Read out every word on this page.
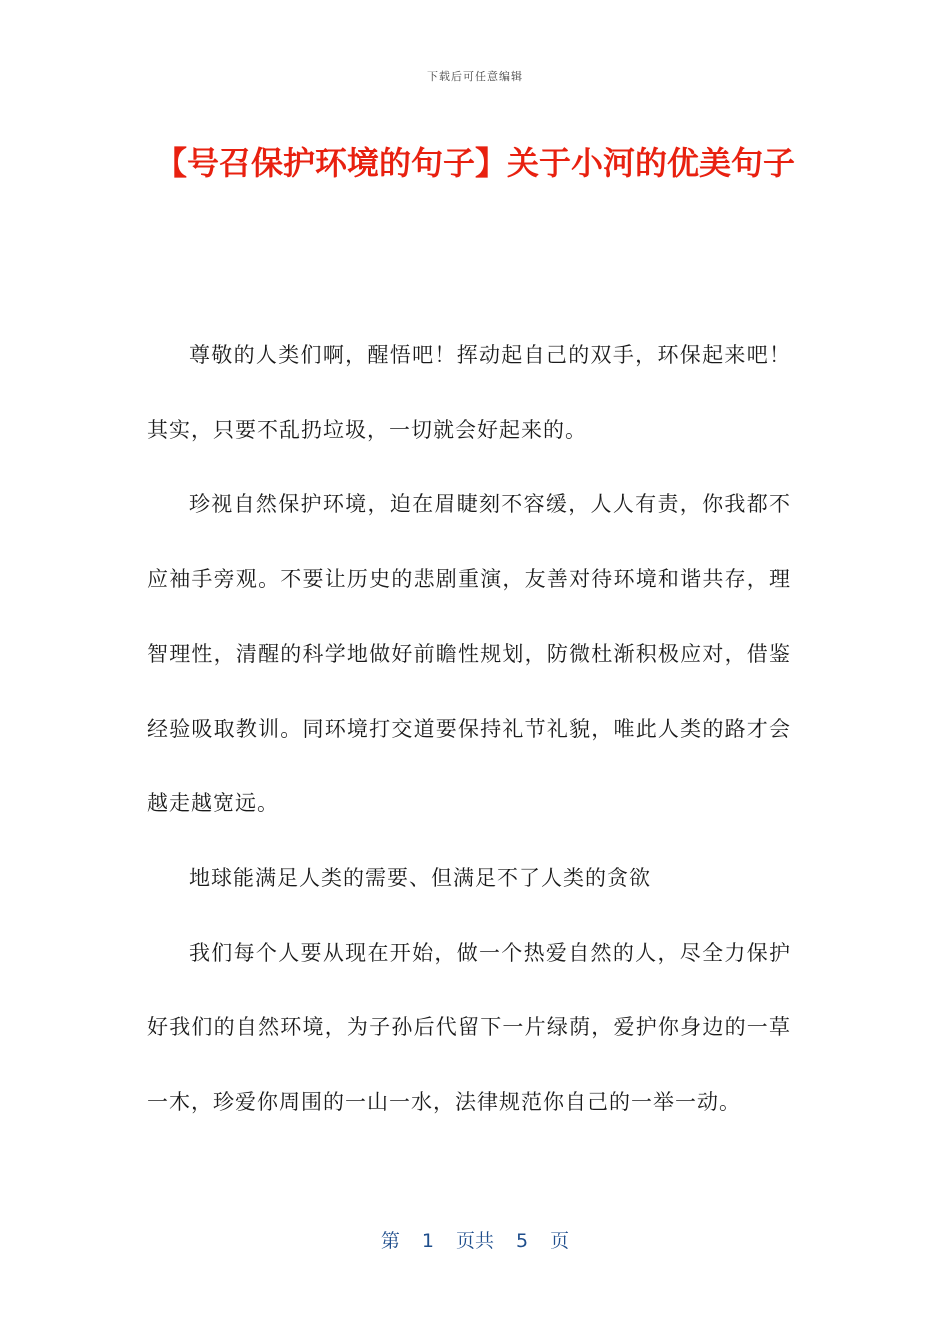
下载后可任意编辑
【号召保护环境的句子】关于小河的优美句子

尊敬的人类们啊，醒悟吧！挥动起自己的双手，环保起来吧！其实，只要不乱扔垃圾，一切就会好起来的。

珍视自然保护环境，迫在眉睫刻不容缓，人人有责，你我都不应袖手旁观。不要让历史的悲剧重演，友善对待环境和谐共存，理智理性，清醒的科学地做好前瞻性规划，防微杜渐积极应对，借鉴经验吸取教训。同环境打交道要保持礼节礼貌，唯此人类的路才会越走越宽远。

地球能满足人类的需要、但满足不了人类的贪欲

我们每个人要从现在开始，做一个热爱自然的人，尽全力保护好我们的自然环境，为子孙后代留下一片绿荫，爱护你身边的一草一木，珍爱你周围的一山一水，法律规范你自己的一举一动。

第 1 页共 5 页
